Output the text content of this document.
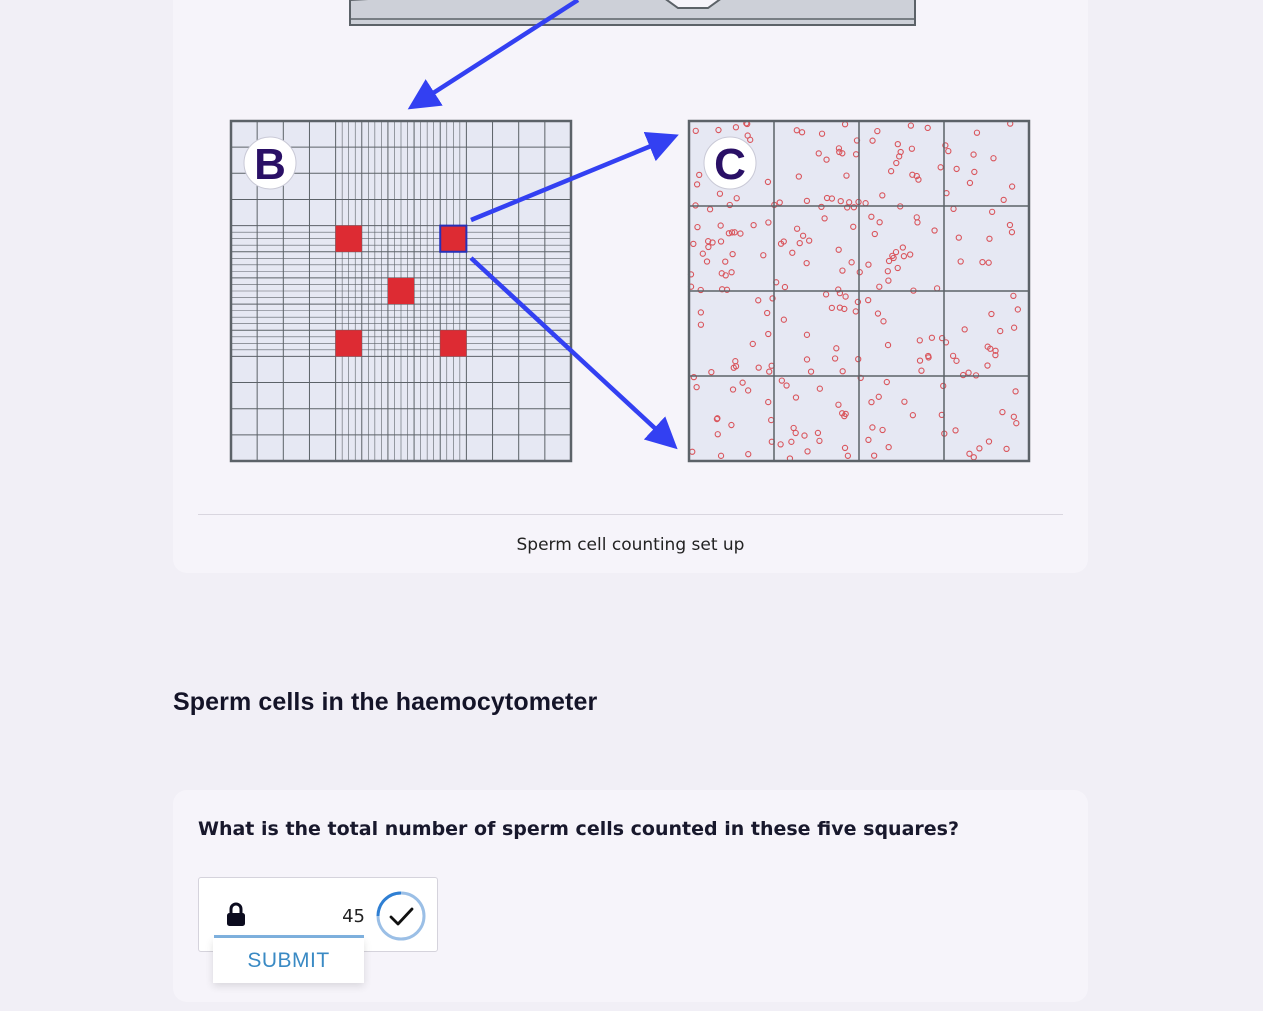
B	C
Sperm cell counting set up
Sperm cells in the haemocytometer

What is the total number of sperm cells counted in these five squares?

45
SUBMIT
